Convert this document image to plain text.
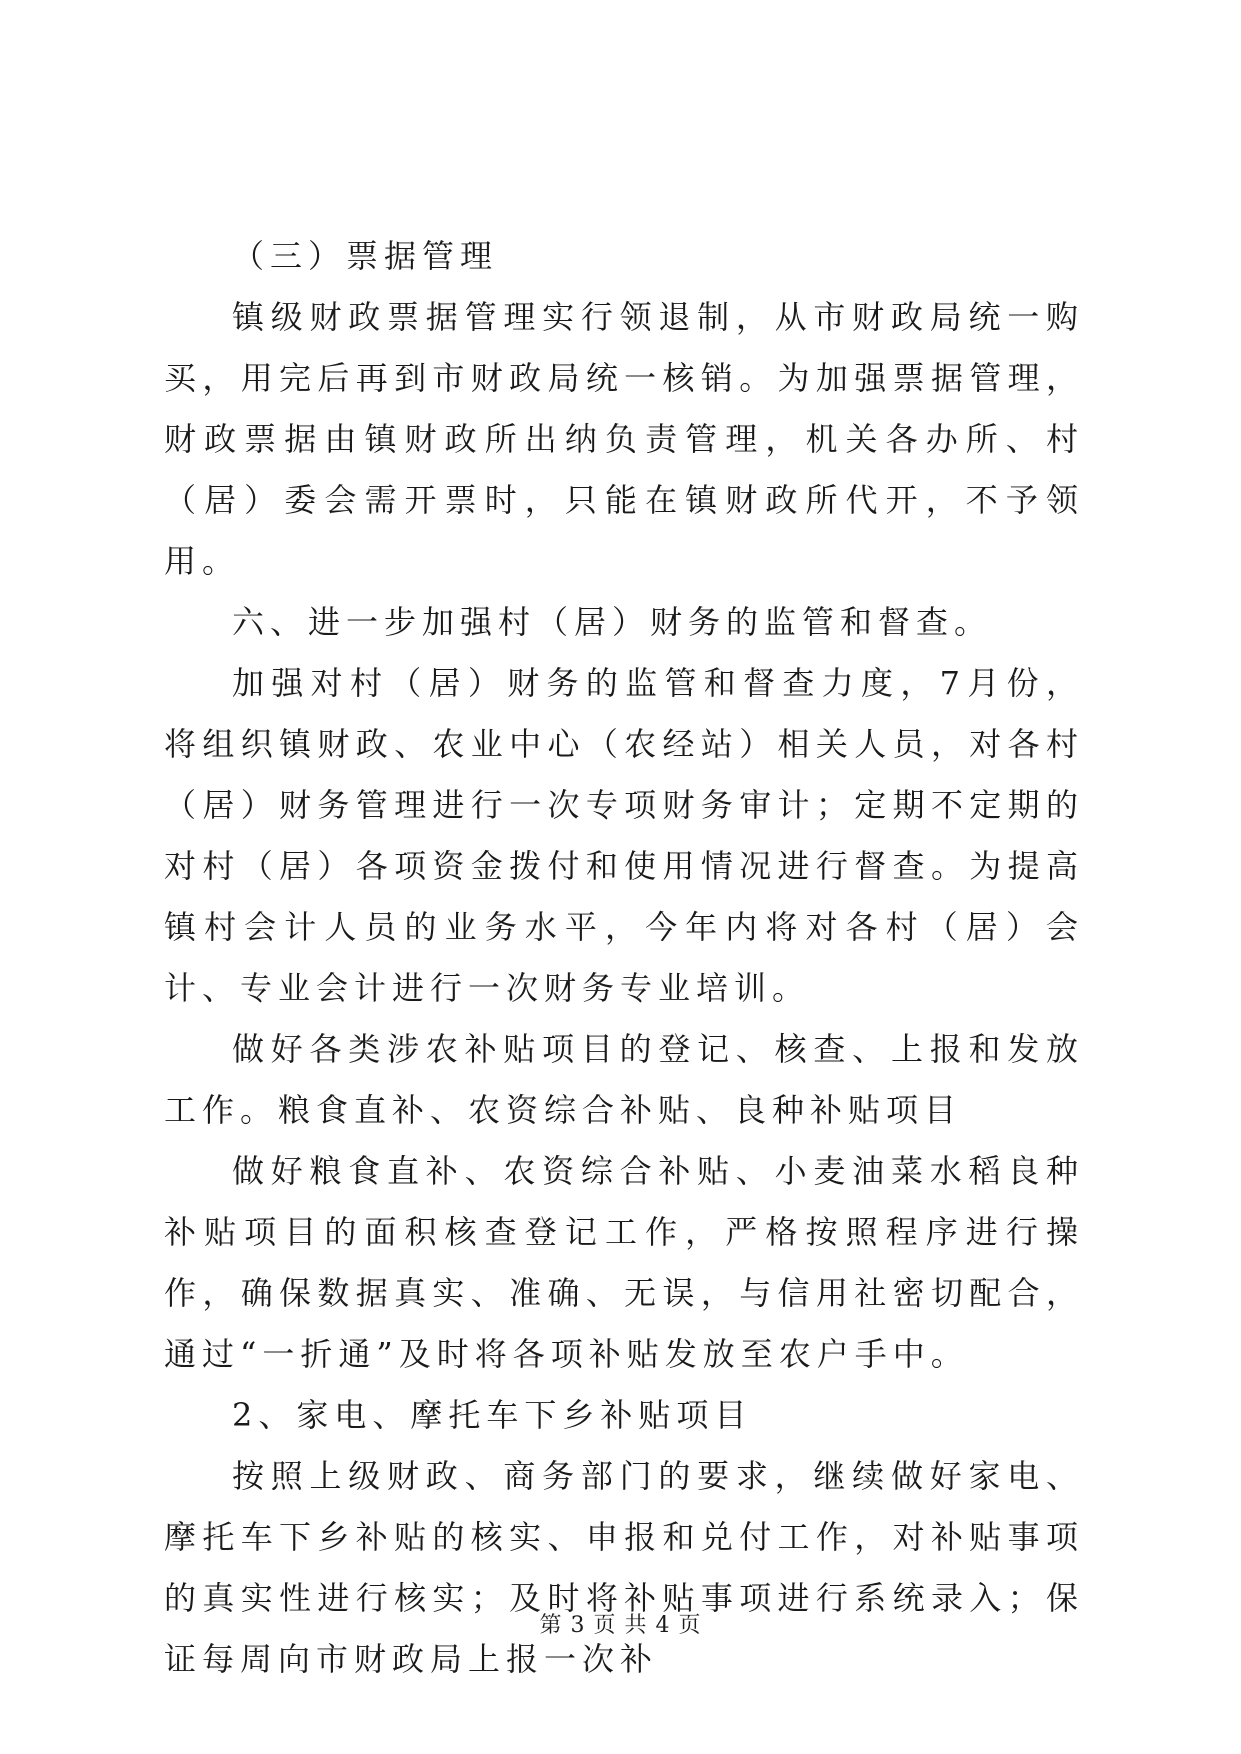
（三）票据管理

镇级财政票据管理实行领退制，从市财政局统一购买，用完后再到市财政局统一核销。为加强票据管理，财政票据由镇财政所出纳负责管理，机关各办所、村（居）委会需开票时，只能在镇财政所代开，不予领用。

六、进一步加强村（居）财务的监管和督查。

加强对村（居）财务的监管和督查力度，7月份，将组织镇财政、农业中心（农经站）相关人员，对各村（居）财务管理进行一次专项财务审计；定期不定期的对村（居）各项资金拨付和使用情况进行督查。为提高镇村会计人员的业务水平，今年内将对各村（居）会计、专业会计进行一次财务专业培训。

做好各类涉农补贴项目的登记、核查、上报和发放工作。粮食直补、农资综合补贴、良种补贴项目

做好粮食直补、农资综合补贴、小麦油菜水稻良种补贴项目的面积核查登记工作，严格按照程序进行操作，确保数据真实、准确、无误，与信用社密切配合，通过“一折通”及时将各项补贴发放至农户手中。

2、家电、摩托车下乡补贴项目

按照上级财政、商务部门的要求，继续做好家电、摩托车下乡补贴的核实、申报和兑付工作，对补贴事项的真实性进行核实；及时将补贴事项进行系统录入；保证每周向市财政局上报一次补

第 3 页 共 4 页
